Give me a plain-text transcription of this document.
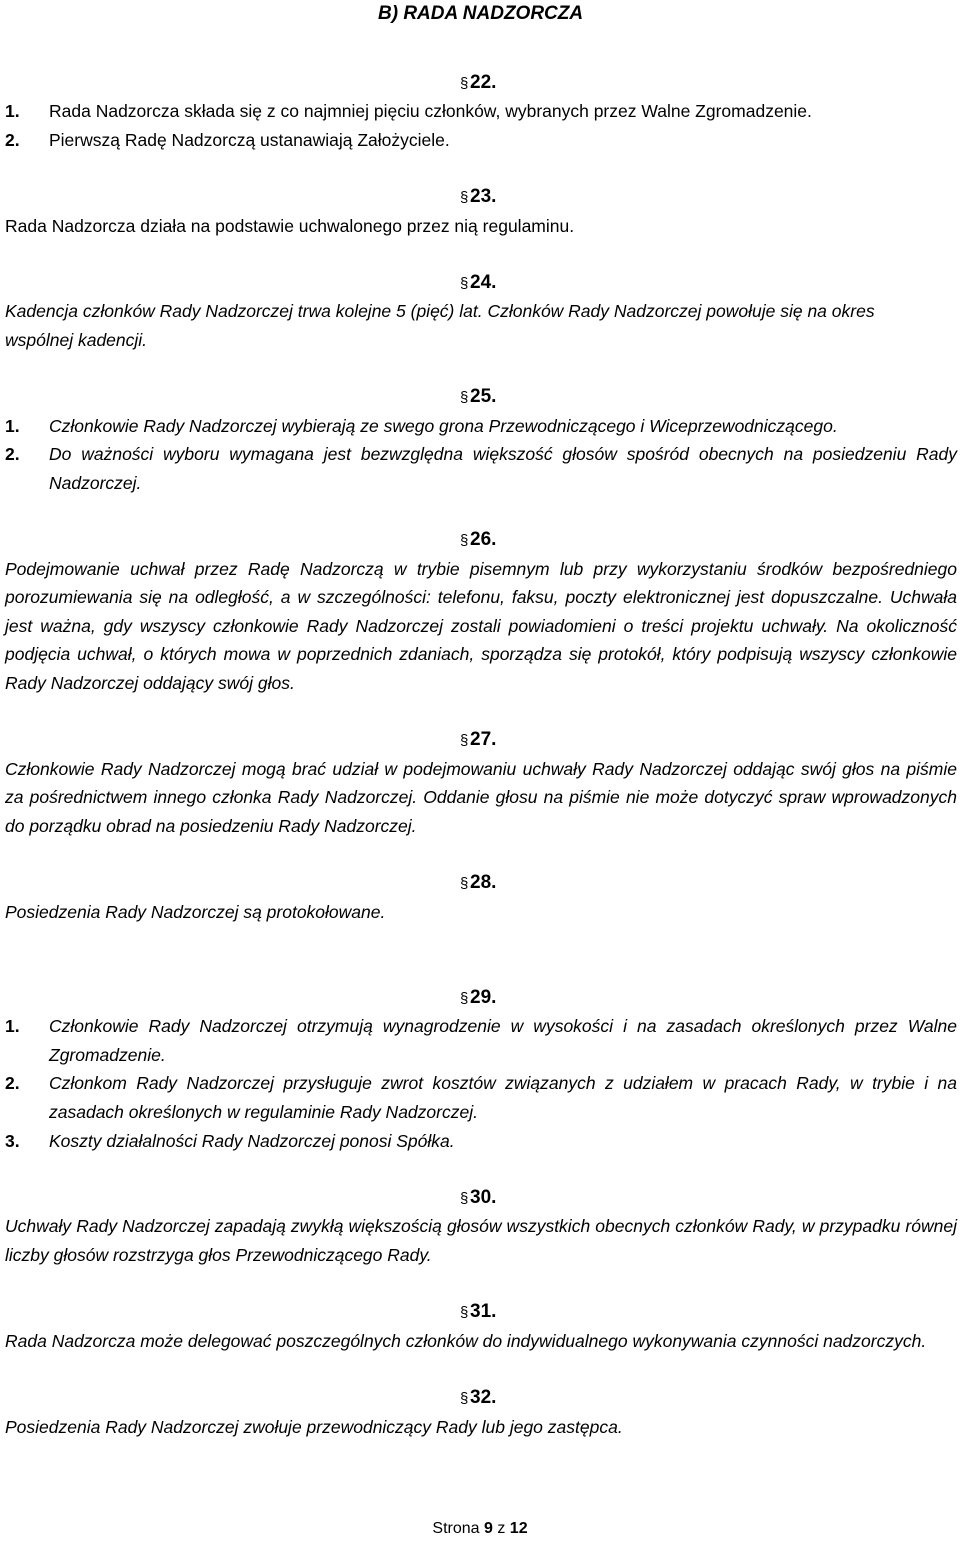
B) RADA NADZORCZA
§ 22.
1. Rada Nadzorcza składa się z co najmniej pięciu członków, wybranych przez Walne Zgromadzenie.
2. Pierwszą Radę Nadzorczą ustanawiają Założyciele.
§ 23.

Rada Nadzorcza działa na podstawie uchwalonego przez nią regulaminu.

§ 24.

Kadencja członków Rady Nadzorczej trwa kolejne 5 (pięć) lat. Członków Rady Nadzorczej powołuje się na okres wspólnej kadencji.

§ 25.
1. Członkowie Rady Nadzorczej wybierają ze swego grona Przewodniczącego i Wiceprzewodniczącego.
2. Do ważności wyboru wymagana jest bezwzględna większość głosów spośród obecnych na posiedzeniu Rady Nadzorczej.
§ 26.

Podejmowanie uchwał przez Radę Nadzorczą w trybie pisemnym lub przy wykorzystaniu środków bezpośredniego porozumiewania się na odległość, a w szczególności: telefonu, faksu, poczty elektronicznej jest dopuszczalne. Uchwała jest ważna, gdy wszyscy członkowie Rady Nadzorczej zostali powiadomieni o treści projektu uchwały. Na okoliczność podjęcia uchwał, o których mowa w poprzednich zdaniach, sporządza się protokół, który podpisują wszyscy członkowie Rady Nadzorczej oddający swój głos.

§ 27.

Członkowie Rady Nadzorczej mogą brać udział w podejmowaniu uchwały Rady Nadzorczej oddając swój głos na piśmie za pośrednictwem innego członka Rady Nadzorczej. Oddanie głosu na piśmie nie może dotyczyć spraw wprowadzonych do porządku obrad na posiedzeniu Rady Nadzorczej.

§ 28.

Posiedzenia Rady Nadzorczej są protokołowane.

§ 29.
1. Członkowie Rady Nadzorczej otrzymują wynagrodzenie w wysokości i na zasadach określonych przez Walne Zgromadzenie.
2. Członkom Rady Nadzorczej przysługuje zwrot kosztów związanych z udziałem w pracach Rady, w trybie i na zasadach określonych w regulaminie Rady Nadzorczej.
3. Koszty działalności Rady Nadzorczej ponosi Spółka.
§ 30.

Uchwały Rady Nadzorczej zapadają zwykłą większością głosów wszystkich obecnych członków Rady, w przypadku równej liczby głosów rozstrzyga głos Przewodniczącego Rady.

§ 31.

Rada Nadzorcza może delegować poszczególnych członków do indywidualnego wykonywania czynności nadzorczych.

§ 32.

Posiedzenia Rady Nadzorczej zwołuje przewodniczący Rady lub jego zastępca.

Strona 9 z 12
